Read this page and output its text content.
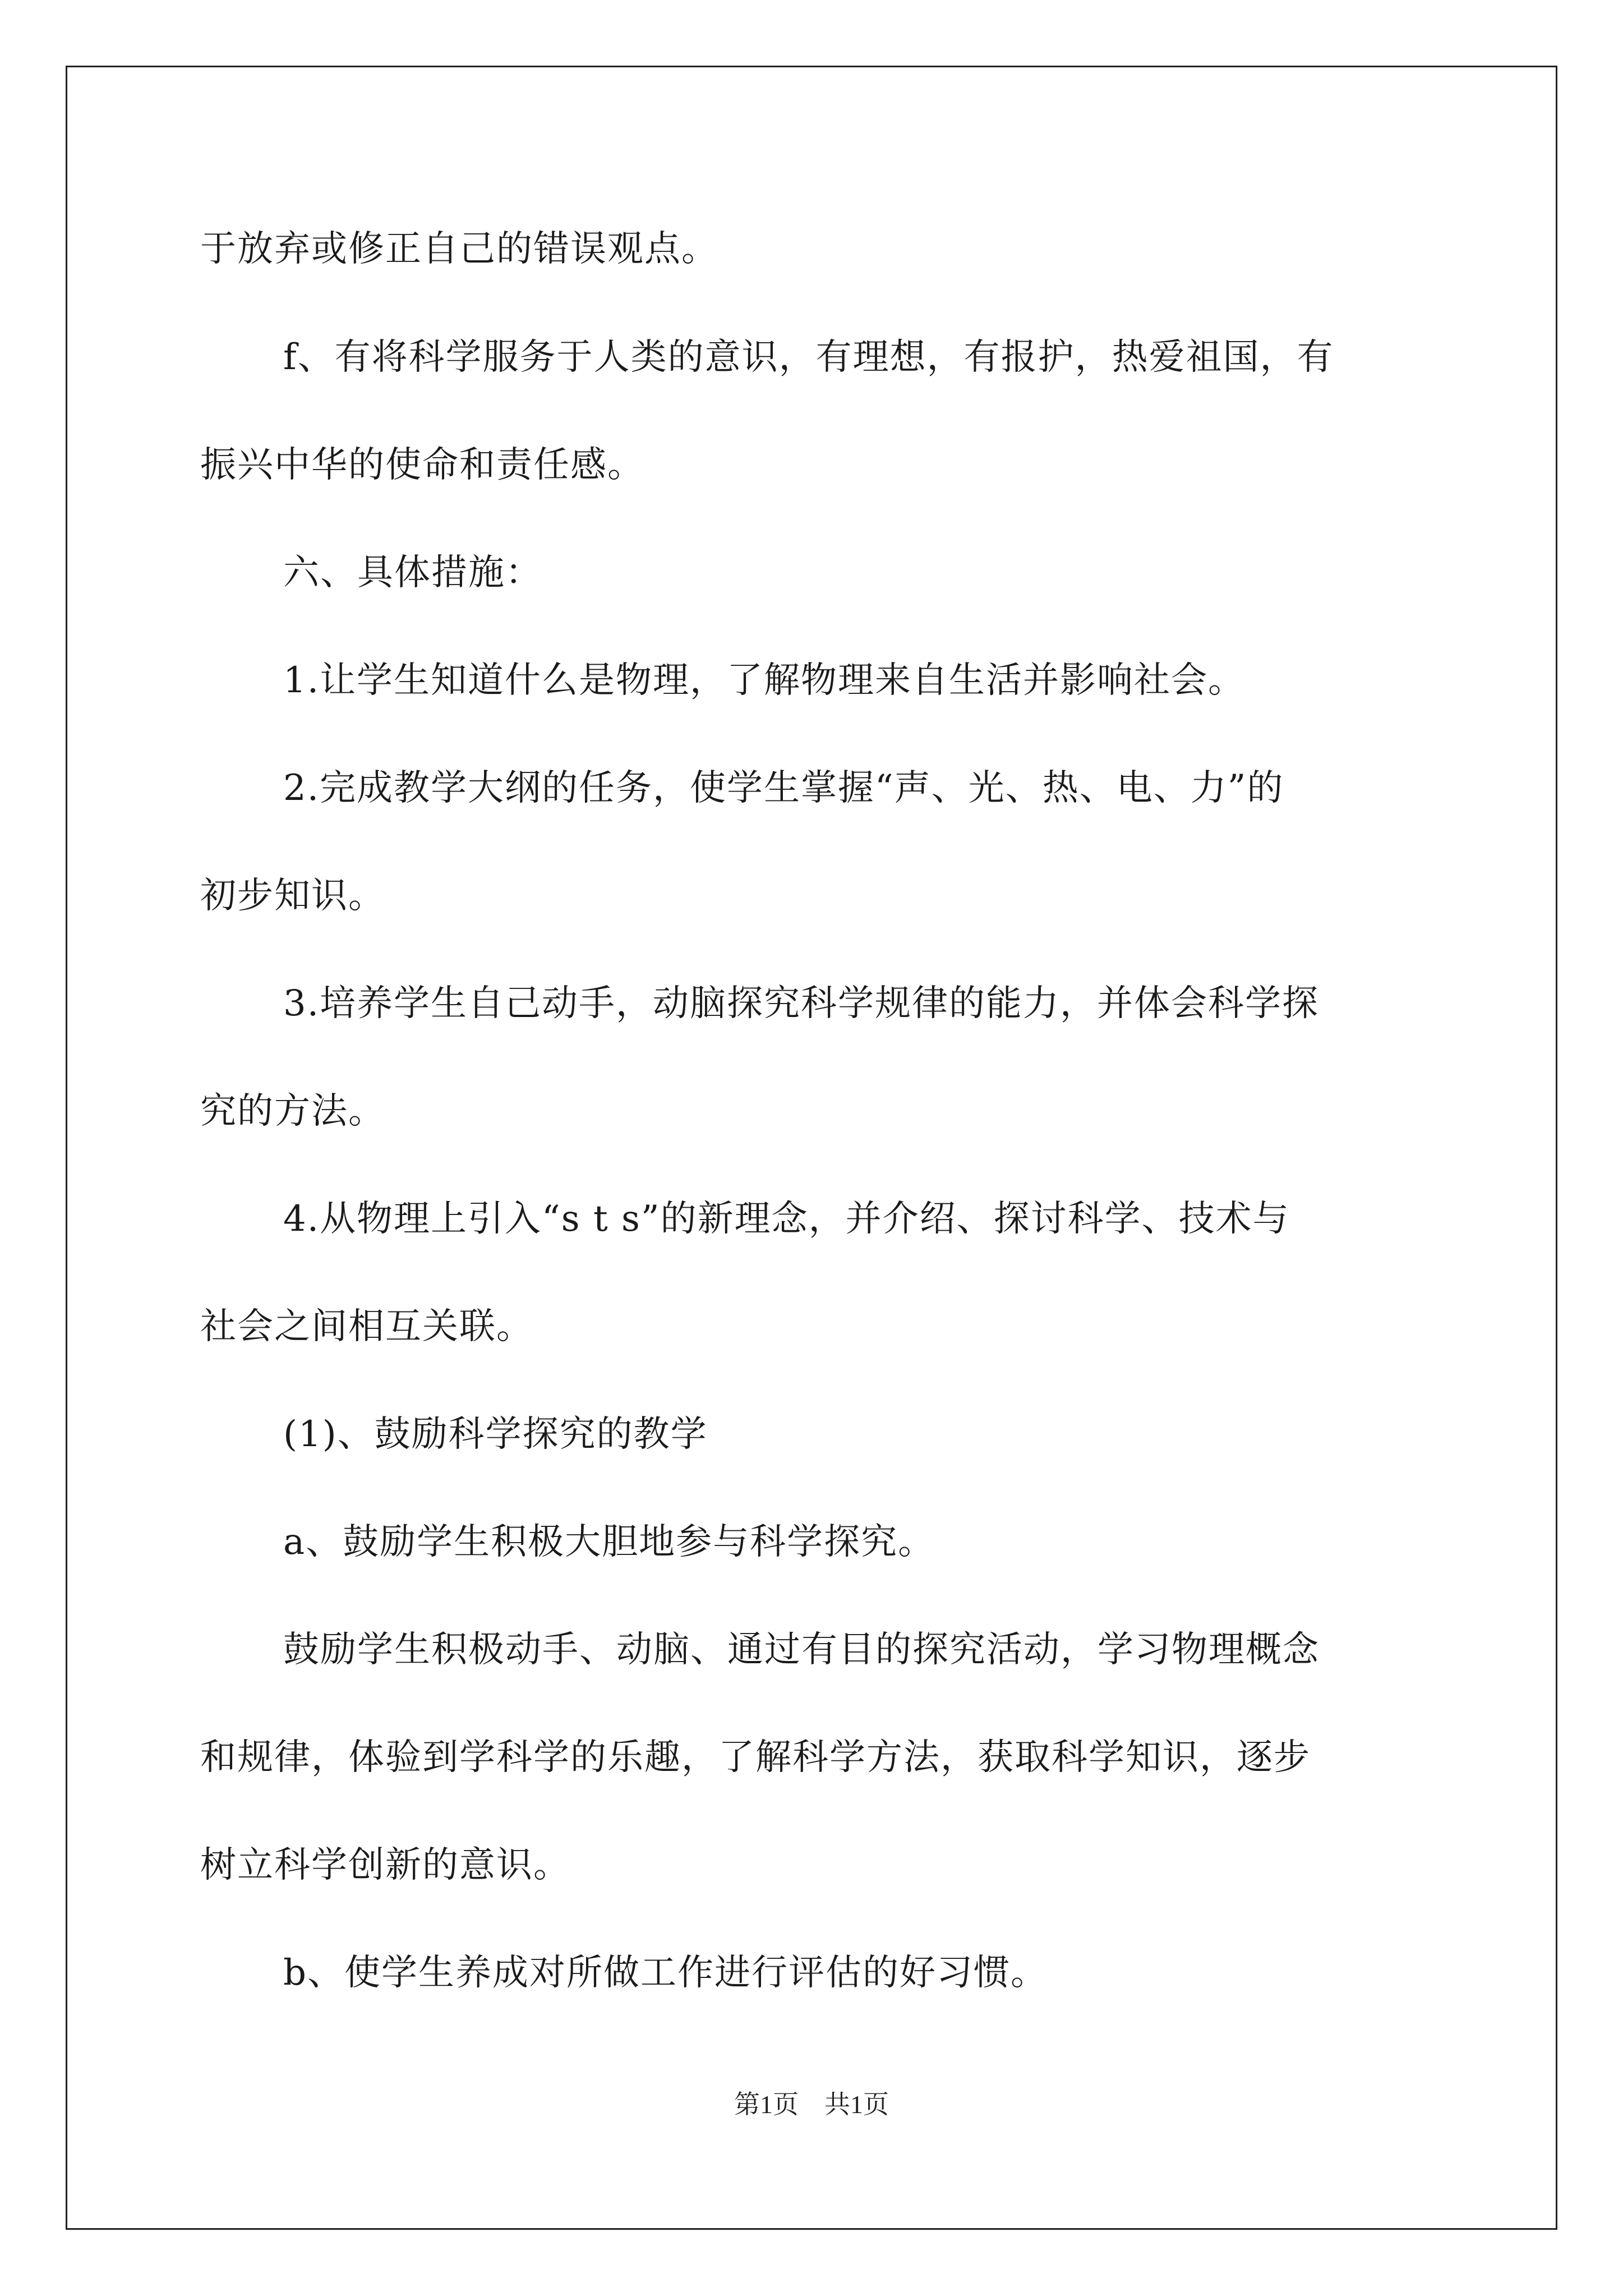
于放弃或修正自己的错误观点。
f、有将科学服务于人类的意识，有理想，有报护，热爱祖国，有
振兴中华的使命和责任感。
六、具体措施：
1.让学生知道什么是物理，了解物理来自生活并影响社会。
2.完成教学大纲的任务，使学生掌握“声、光、热、电、力”的
初步知识。
3.培养学生自己动手，动脑探究科学规律的能力，并体会科学探
究的方法。
4.从物理上引入“s t s”的新理念，并介绍、探讨科学、技术与
社会之间相互关联。
(1)、鼓励科学探究的教学
a、鼓励学生积极大胆地参与科学探究。
鼓励学生积极动手、动脑、通过有目的探究活动，学习物理概念
和规律，体验到学科学的乐趣，了解科学方法，获取科学知识，逐步
树立科学创新的意识。
b、使学生养成对所做工作进行评估的好习惯。
第1页　共1页
